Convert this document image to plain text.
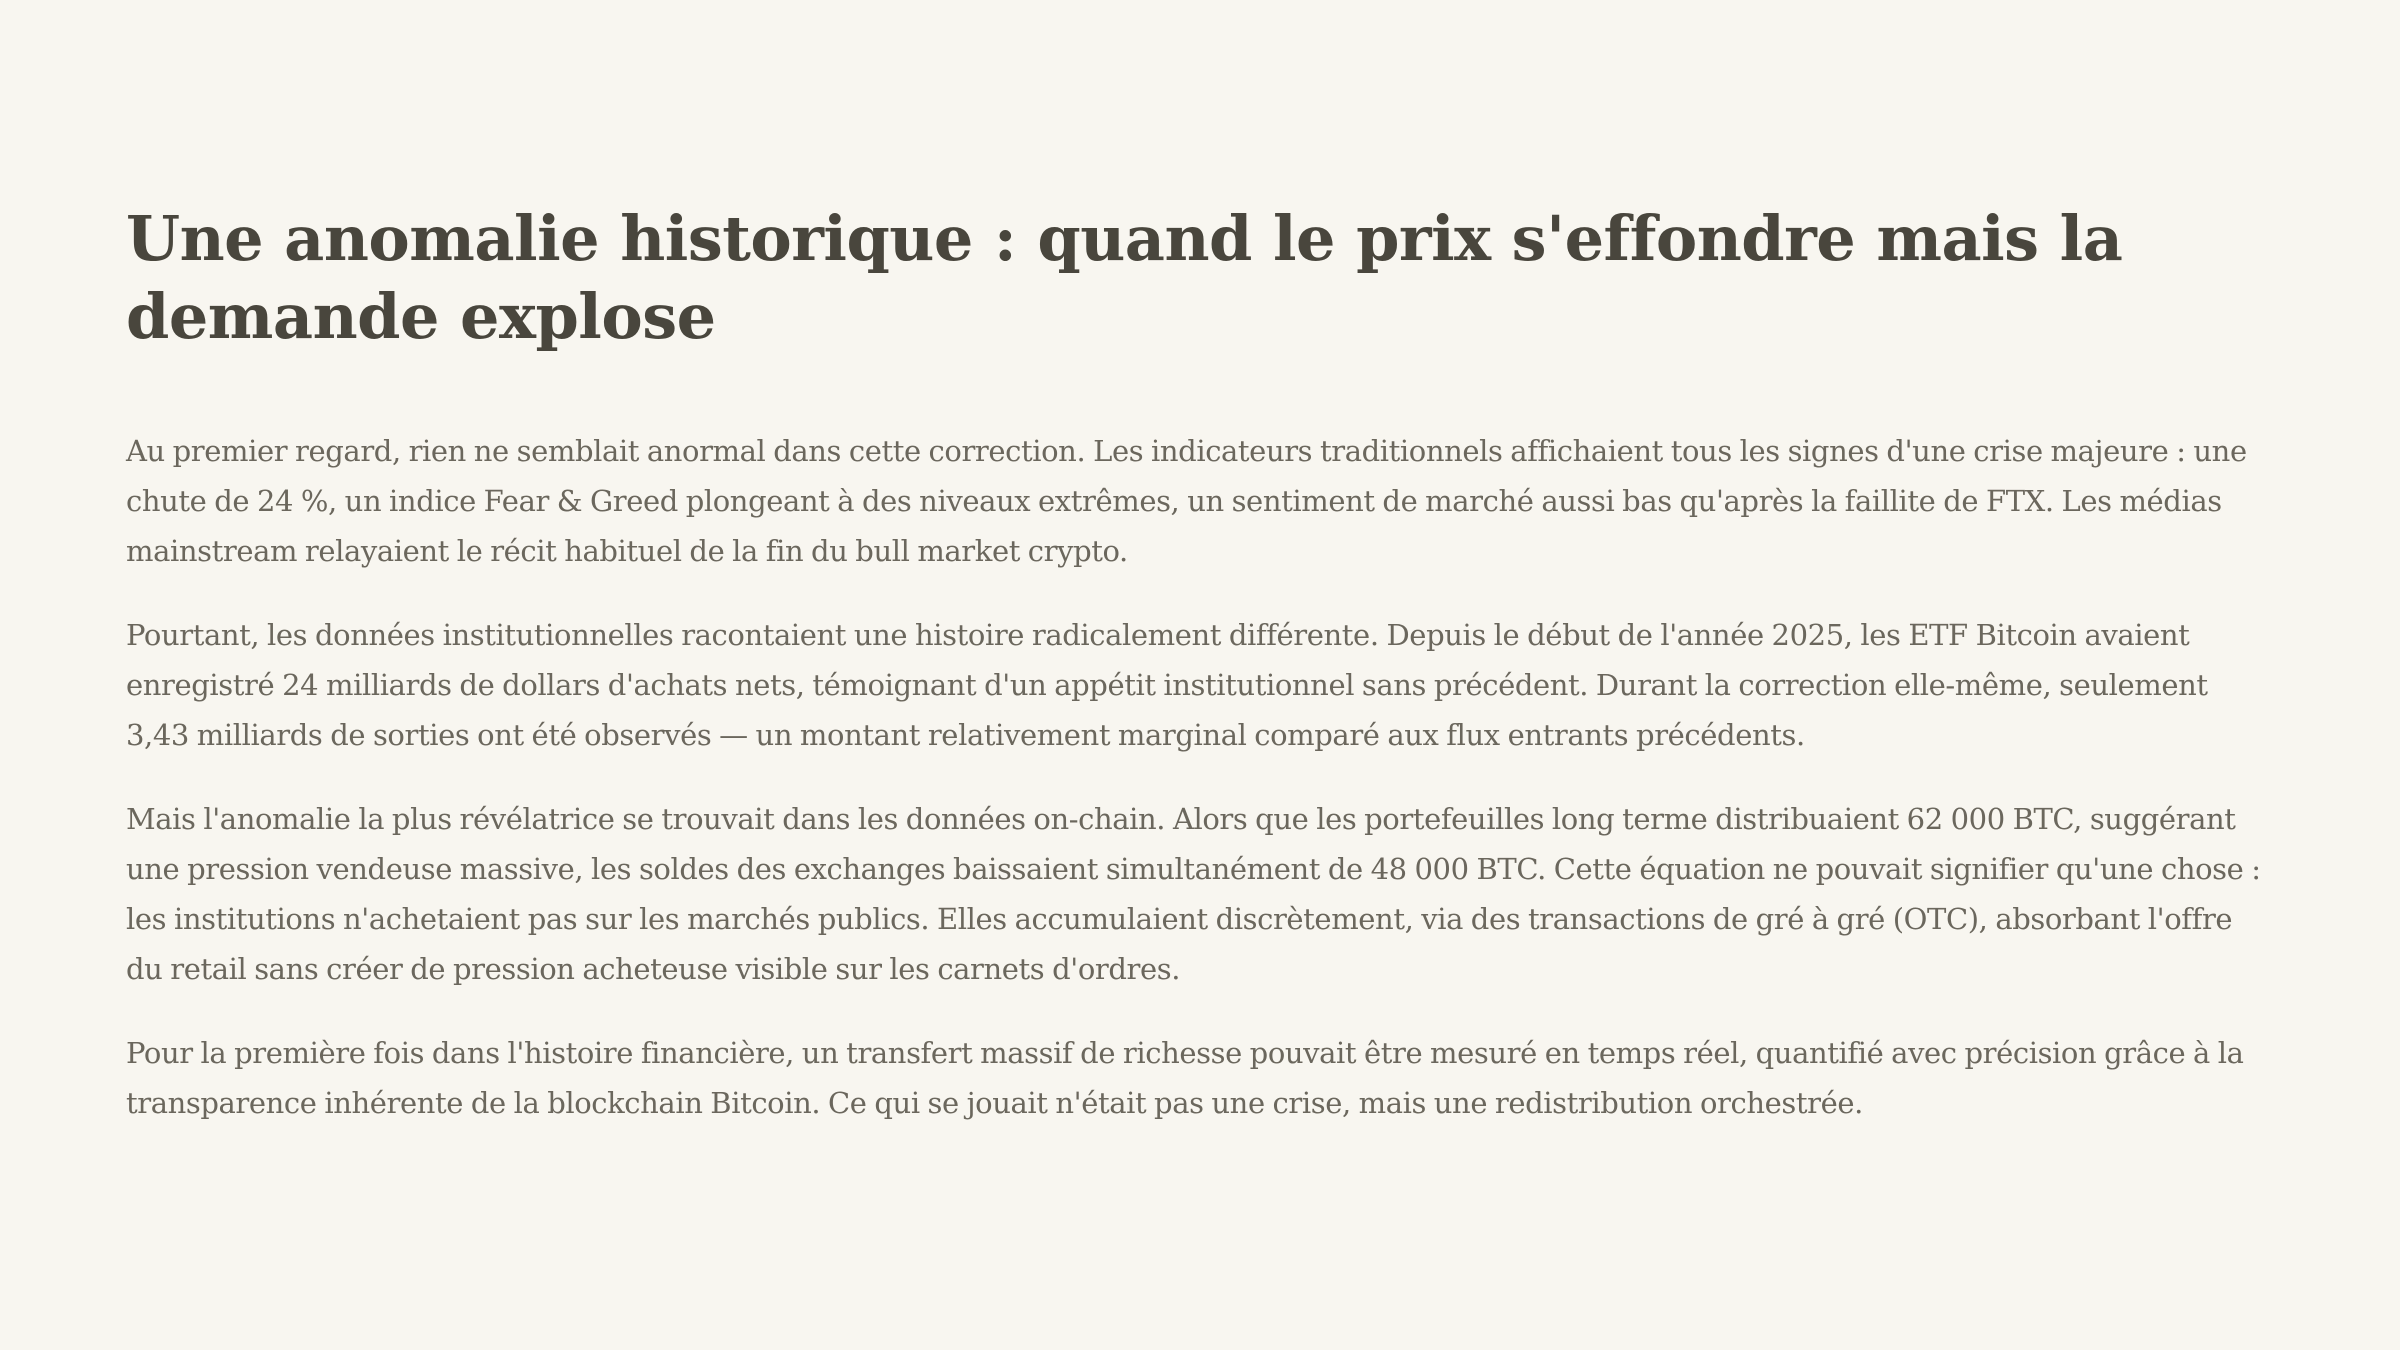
Une anomalie historique : quand le prix s'effondre mais la demande explose

Au premier regard, rien ne semblait anormal dans cette correction. Les indicateurs traditionnels affichaient tous les signes d'une crise majeure : une chute de 24 %, un indice Fear & Greed plongeant à des niveaux extrêmes, un sentiment de marché aussi bas qu'après la faillite de FTX. Les médias mainstream relayaient le récit habituel de la fin du bull market crypto.

Pourtant, les données institutionnelles racontaient une histoire radicalement différente. Depuis le début de l'année 2025, les ETF Bitcoin avaient enregistré 24 milliards de dollars d'achats nets, témoignant d'un appétit institutionnel sans précédent. Durant la correction elle-même, seulement 3,43 milliards de sorties ont été observés — un montant relativement marginal comparé aux flux entrants précédents.

Mais l'anomalie la plus révélatrice se trouvait dans les données on-chain. Alors que les portefeuilles long terme distribuaient 62 000 BTC, suggérant une pression vendeuse massive, les soldes des exchanges baissaient simultanément de 48 000 BTC. Cette équation ne pouvait signifier qu'une chose : les institutions n'achetaient pas sur les marchés publics. Elles accumulaient discrètement, via des transactions de gré à gré (OTC), absorbant l'offre du retail sans créer de pression acheteuse visible sur les carnets d'ordres.

Pour la première fois dans l'histoire financière, un transfert massif de richesse pouvait être mesuré en temps réel, quantifié avec précision grâce à la transparence inhérente de la blockchain Bitcoin. Ce qui se jouait n'était pas une crise, mais une redistribution orchestrée.
